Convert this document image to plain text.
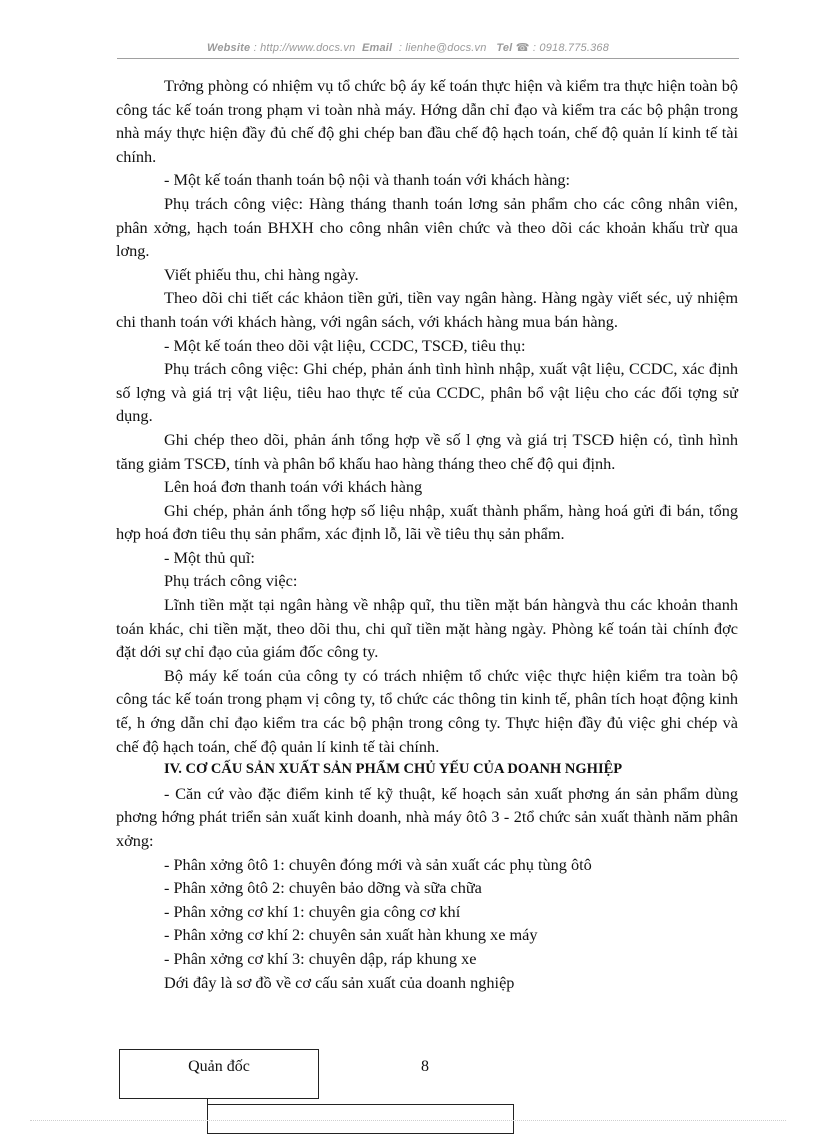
Website : http://www.docs.vn Email : lienhe@docs.vn Tel ☎ : 0918.775.368

Trởng phòng có nhiệm vụ tổ chức bộ áy kế toán thực hiện và kiểm tra thực hiện toàn bộ công tác kế toán trong phạm vi toàn nhà máy. Hớng dẫn chỉ đạo và kiểm tra các bộ phận trong nhà máy thực hiện đầy đủ chế độ ghi chép ban đầu chế độ hạch toán, chế độ quản lí kinh tế tài chính.

- Một kế toán thanh toán bộ nội và thanh toán với khách hàng:

Phụ trách công việc: Hàng tháng thanh toán lơng sản phẩm cho các công nhân viên, phân xởng, hạch toán BHXH cho công nhân viên chức và theo dõi các khoản khấu trừ qua lơng.

Viết phiếu thu, chi hàng ngày.

Theo dõi chi tiết các khảon tiền gửi, tiền vay ngân hàng. Hàng ngày viết séc, uỷ nhiệm chi thanh toán với khách hàng, với ngân sách, với khách hàng mua bán hàng.

- Một kế toán theo dõi vật liệu, CCDC, TSCĐ, tiêu thụ:

Phụ trách công việc: Ghi chép, phản ánh tình hình nhập, xuất vật liệu, CCDC, xác định số lợng và giá trị vật liệu, tiêu hao thực tế của CCDC, phân bổ vật liệu cho các đối tợng sử dụng.

Ghi chép theo dõi, phản ánh tổng hợp về số l ợng và giá trị TSCĐ hiện có, tình hình tăng giảm TSCĐ, tính và phân bổ khấu hao hàng tháng theo chế độ qui định.

Lên hoá đơn thanh toán với khách hàng

Ghi chép, phản ánh tổng hợp số liệu nhập, xuất thành phẩm, hàng hoá gửi đi bán, tổng hợp hoá đơn tiêu thụ sản phẩm, xác định lỗ, lãi về tiêu thụ sản phẩm.

- Một thủ quĩ:

Phụ trách công việc:

Lĩnh tiền mặt tại ngân hàng về nhập quĩ, thu tiền mặt bán hàngvà thu các khoản thanh toán khác, chi tiền mặt, theo dõi thu, chi quĩ tiền mặt hàng ngày. Phòng kế toán tài chính đợc đặt dới sự chỉ đạo của giám đốc công ty.

Bộ máy kế toán của công ty có trách nhiệm tổ chức việc thực hiện kiểm tra toàn bộ công tác kế toán trong phạm vị công ty, tổ chức các thông tin kinh tế, phân tích hoạt động kinh tế, h ớng dẫn chỉ đạo kiểm tra các bộ phận trong công ty. Thực hiện đầy đủ việc ghi chép và chế độ hạch toán, chế độ quản lí kinh tế tài chính.

IV. CƠ CẤU SẢN XUẤT SẢN PHẨM CHỦ YẾU CỦA DOANH NGHIỆP

- Căn cứ vào đặc điểm kinh tế kỹ thuật, kế hoạch sản xuất phơng án sản phẩm dùng phơng hớng phát triển sản xuất kinh doanh, nhà máy ôtô 3 - 2tổ chức sản xuất thành năm phân xởng:

- Phân xởng ôtô 1: chuyên đóng mới và sản xuất các phụ tùng ôtô

- Phân xởng ôtô 2: chuyên bảo dỡng và sữa chữa

- Phân xởng cơ khí 1: chuyên gia công cơ khí

- Phân xởng cơ khí 2: chuyên sản xuất hàn khung xe máy

- Phân xởng cơ khí 3: chuyên dập, ráp khung xe

Dới đây là sơ đồ về cơ cấu sản xuất của doanh nghiệp

Quản đốc	8
